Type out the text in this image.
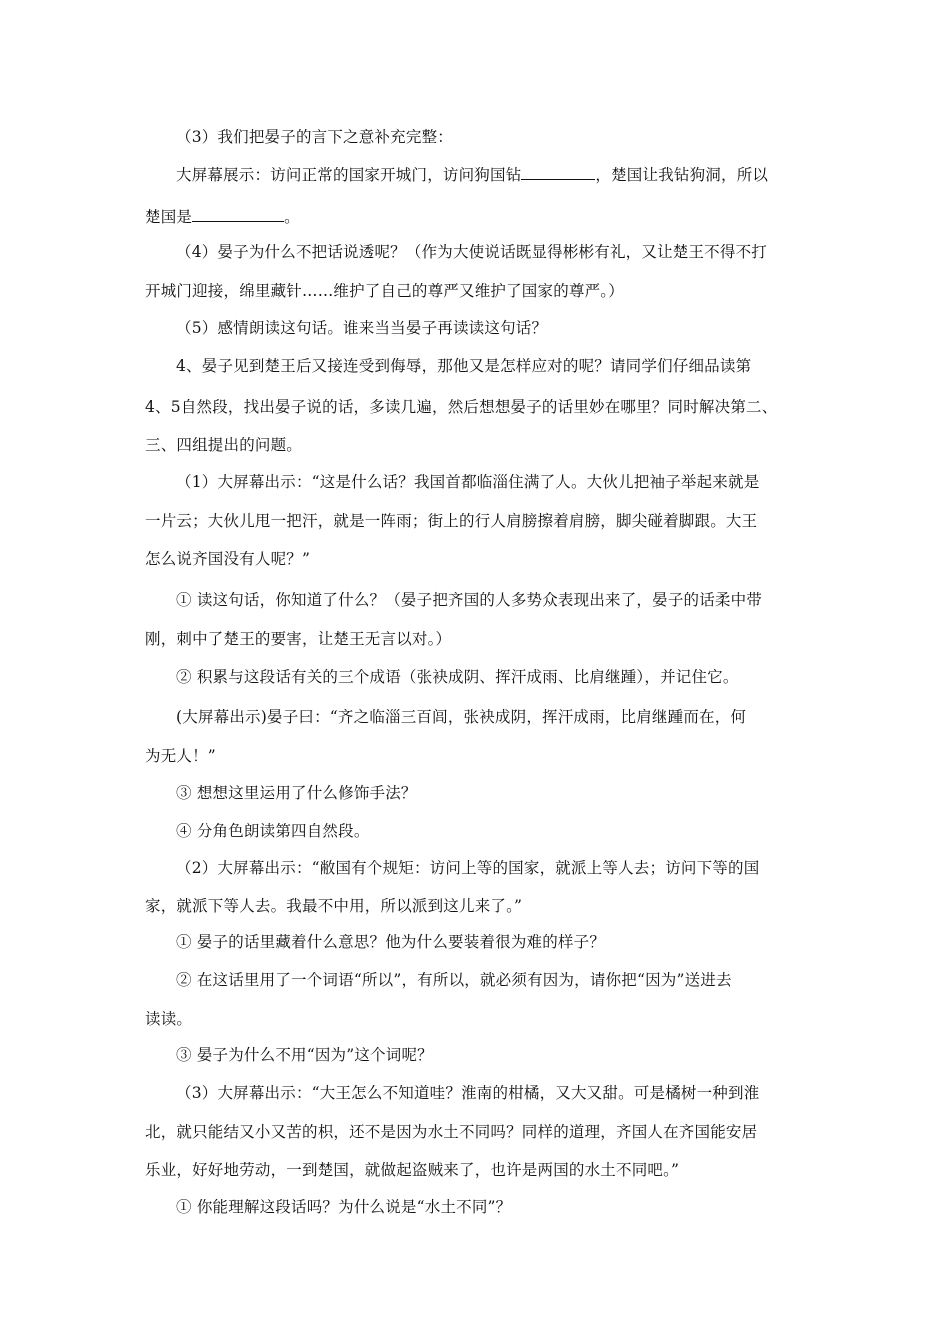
（3）我们把晏子的言下之意补充完整：
大屏幕展示：访问正常的国家开城门，访问狗国钻	，楚国让我钻狗洞，所以
楚国是	。
（4）晏子为什么不把话说透呢？（作为大使说话既显得彬彬有礼，又让楚王不得不打
开城门迎接，绵里藏针……维护了自己的尊严又维护了国家的尊严。）
（5）感情朗读这句话。谁来当当晏子再读读这句话？
4、晏子见到楚王后又接连受到侮辱，那他又是怎样应对的呢？请同学们仔细品读第
4、5自然段，找出晏子说的话，多读几遍，然后想想晏子的话里妙在哪里？同时解决第二、
三、四组提出的问题。
（1）大屏幕出示：“这是什么话？我国首都临淄住满了人。大伙儿把袖子举起来就是
一片云；大伙儿甩一把汗，就是一阵雨；街上的行人肩膀擦着肩膀，脚尖碰着脚跟。大王
怎么说齐国没有人呢？”
① 读这句话，你知道了什么？（晏子把齐国的人多势众表现出来了，晏子的话柔中带
刚，刺中了楚王的要害，让楚王无言以对。）
② 积累与这段话有关的三个成语（张袂成阴、挥汗成雨、比肩继踵），并记住它。
(大屏幕出示)晏子曰：“齐之临淄三百闾，张袂成阴，挥汗成雨，比肩继踵而在，何
为无人！”
③ 想想这里运用了什么修饰手法？
④ 分角色朗读第四自然段。
（2）大屏幕出示：“敝国有个规矩：访问上等的国家，就派上等人去；访问下等的国
家，就派下等人去。我最不中用，所以派到这儿来了。”
① 晏子的话里藏着什么意思？他为什么要装着很为难的样子？
② 在这话里用了一个词语“所以”，有所以，就必须有因为，请你把“因为”送进去
读读。
③ 晏子为什么不用“因为”这个词呢？
（3）大屏幕出示：“大王怎么不知道哇？淮南的柑橘，又大又甜。可是橘树一种到淮
北，就只能结又小又苦的枳，还不是因为水土不同吗？同样的道理，齐国人在齐国能安居
乐业，好好地劳动，一到楚国，就做起盗贼来了，也许是两国的水土不同吧。”
① 你能理解这段话吗？为什么说是“水土不同”？
